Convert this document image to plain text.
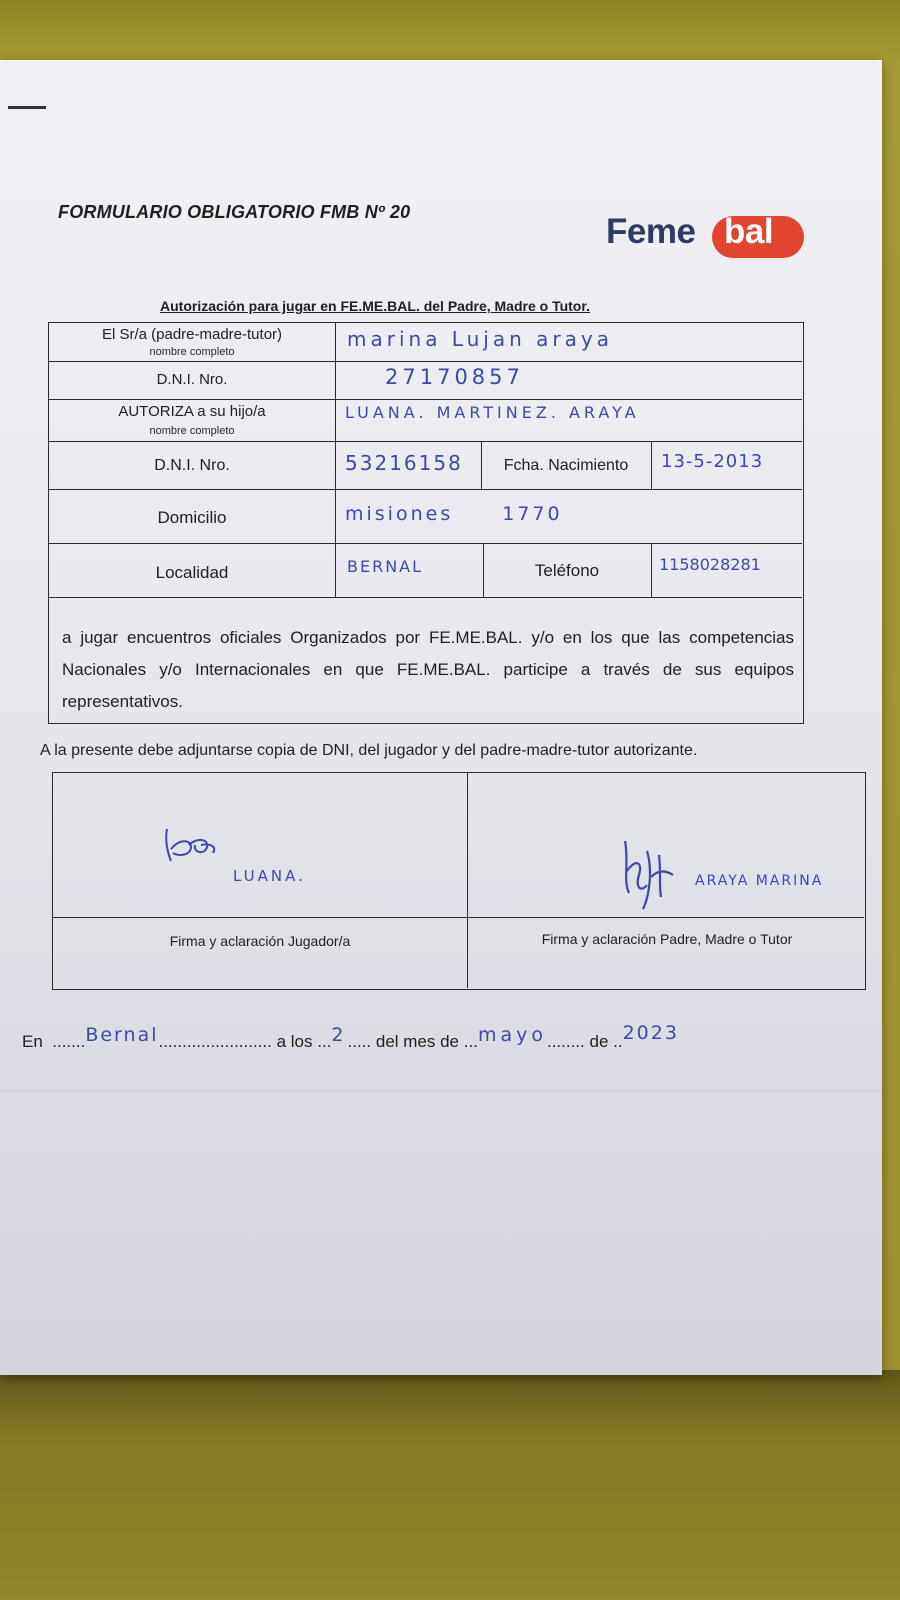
FORMULARIO OBLIGATORIO FMB Nº 20	Feme bal
Autorización para jugar en FE.ME.BAL. del Padre, Madre o Tutor.
El Sr/a (padre-madre-tutor)
nombre completo
marina Lujan araya
D.N.I. Nro.	27170857
AUTORIZA a su hijo/a
nombre completo
LUANA. MARTINEZ. ARAYA
D.N.I. Nro.	53216158	Fcha. Nacimiento	13-5-2013
Domicilio	misiones 1770
Localidad	BERNAL	Teléfono	1158028281
a jugar encuentros oficiales Organizados por FE.ME.BAL. y/o en los que las competencias Nacionales y/o Internacionales en que FE.ME.BAL. participe a través de sus equipos representativos.
A la presente debe adjuntarse copia de DNI, del jugador y del padre-madre-tutor autorizante.
LUANA.
Firma y aclaración Jugador/a
ARAYA MARINA
Firma y aclaración Padre, Madre o Tutor
En  .......Bernal........................ a los ...2..... del mes de ...mayo........ de ..2023
